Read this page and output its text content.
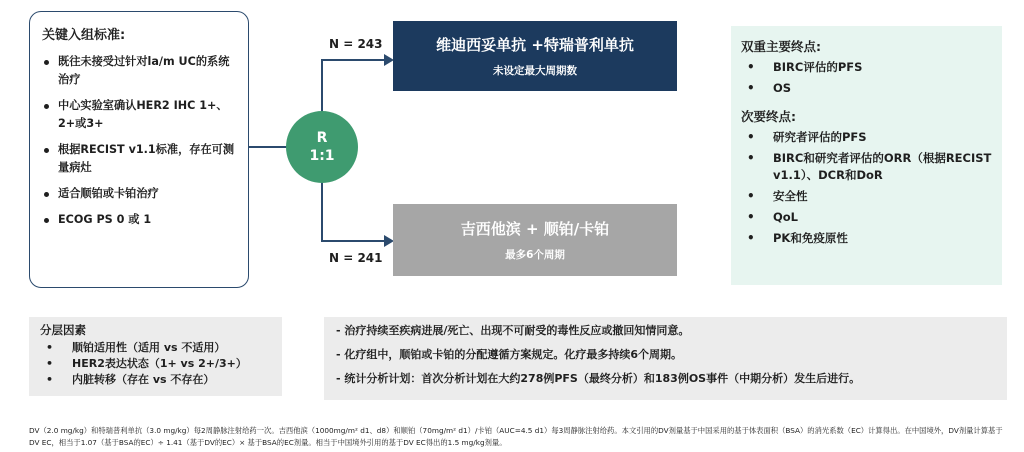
关键入组标准:
既往未接受过针对la/m UC的系统治疗
中心实验室确认HER2 IHC 1+、2+或3+
根据RECIST v1.1标准，存在可测量病灶
适合顺铂或卡铂治疗
ECOG PS 0 或 1
R
1:1
N = 243
N = 241
维迪西妥单抗 +特瑞普利单抗
未设定最大周期数
吉西他滨 + 顺铂/卡铂
最多6个周期
双重主要终点:
• BIRC评估的PFS
• OS
次要终点:
• 研究者评估的PFS
• BIRC和研究者评估的ORR（根据RECIST v1.1）、DCR和DoR
• 安全性
• QoL
• PK和免疫原性
分层因素
• 顺铂适用性（适用 vs 不适用）
• HER2表达状态（1+ vs 2+/3+）
• 内脏转移（存在 vs 不存在）

- 治疗持续至疾病进展/死亡、出现不可耐受的毒性反应或撤回知情同意。

- 化疗组中，顺铂或卡铂的分配遵循方案规定。化疗最多持续6个周期。

- 统计分析计划：首次分析计划在大约278例PFS（最终分析）和183例OS事件（中期分析）发生后进行。

DV（2.0 mg/kg）和特瑞普利单抗（3.0 mg/kg）每2周静脉注射给药一次。吉西他滨（1000mg/m² d1、d8）和顺铂（70mg/m² d1）/卡铂（AUC=4.5 d1）每3周静脉注射给药。本文引用的DV剂量基于中国采用的基于体表面积（BSA）的消光系数（EC）计算得出。在中国境外，DV剂量计算基于DV EC，相当于1.07（基于BSA的EC）÷ 1.41（基于DV的EC）× 基于BSA的EC剂量。相当于中国境外引用的基于DV EC得出的1.5 mg/kg剂量。
